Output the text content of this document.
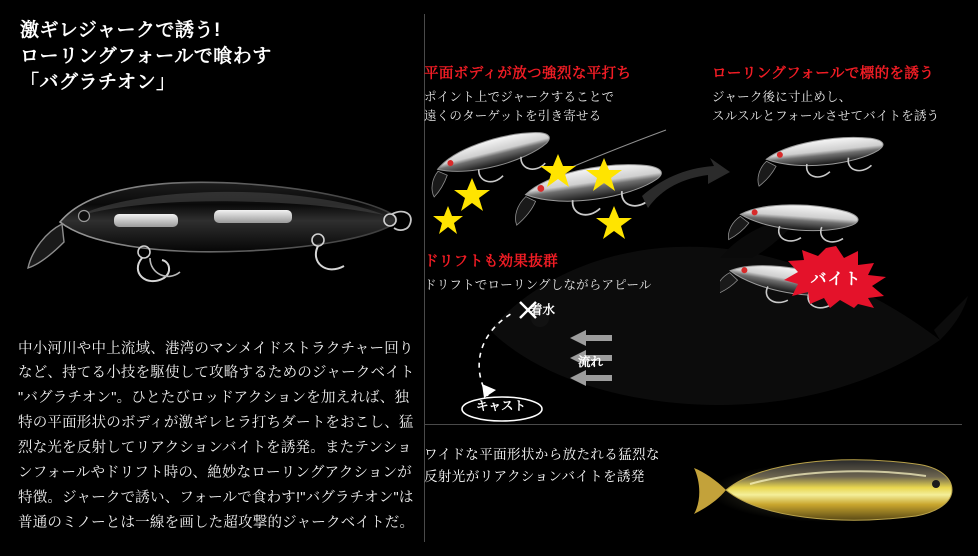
激ギレジャークで誘う!
ローリングフォールで喰わす
「バグラチオン」

中小河川や中上流域、港湾のマンメイドストラクチャー回りなど、持てる小技を駆使して攻略するためのジャークベイト "バグラチオン"。ひとたびロッドアクションを加えれば、独特の平面形状のボディが激ギレヒラ打ちダートをおこし、猛烈な光を反射してリアクションバイトを誘発。またテンションフォールやドリフト時の、絶妙なローリングアクションが特徴。ジャークで誘い、フォールで食わす!"バグラチオン"は普通のミノーとは一線を画した超攻撃的ジャークベイトだ。

平面ボディが放つ強烈な平打ち
ポイント上でジャークすることで
遠くのターゲットを引き寄せる
ローリングフォールで標的を誘う
ジャーク後に寸止めし、
スルスルとフォールさせてバイトを誘う
バイト
ドリフトも効果抜群
ドリフトでローリングしながらアピール
着水
流れ
キャスト
ワイドな平面形状から放たれる猛烈な
反射光がリアクションバイトを誘発
